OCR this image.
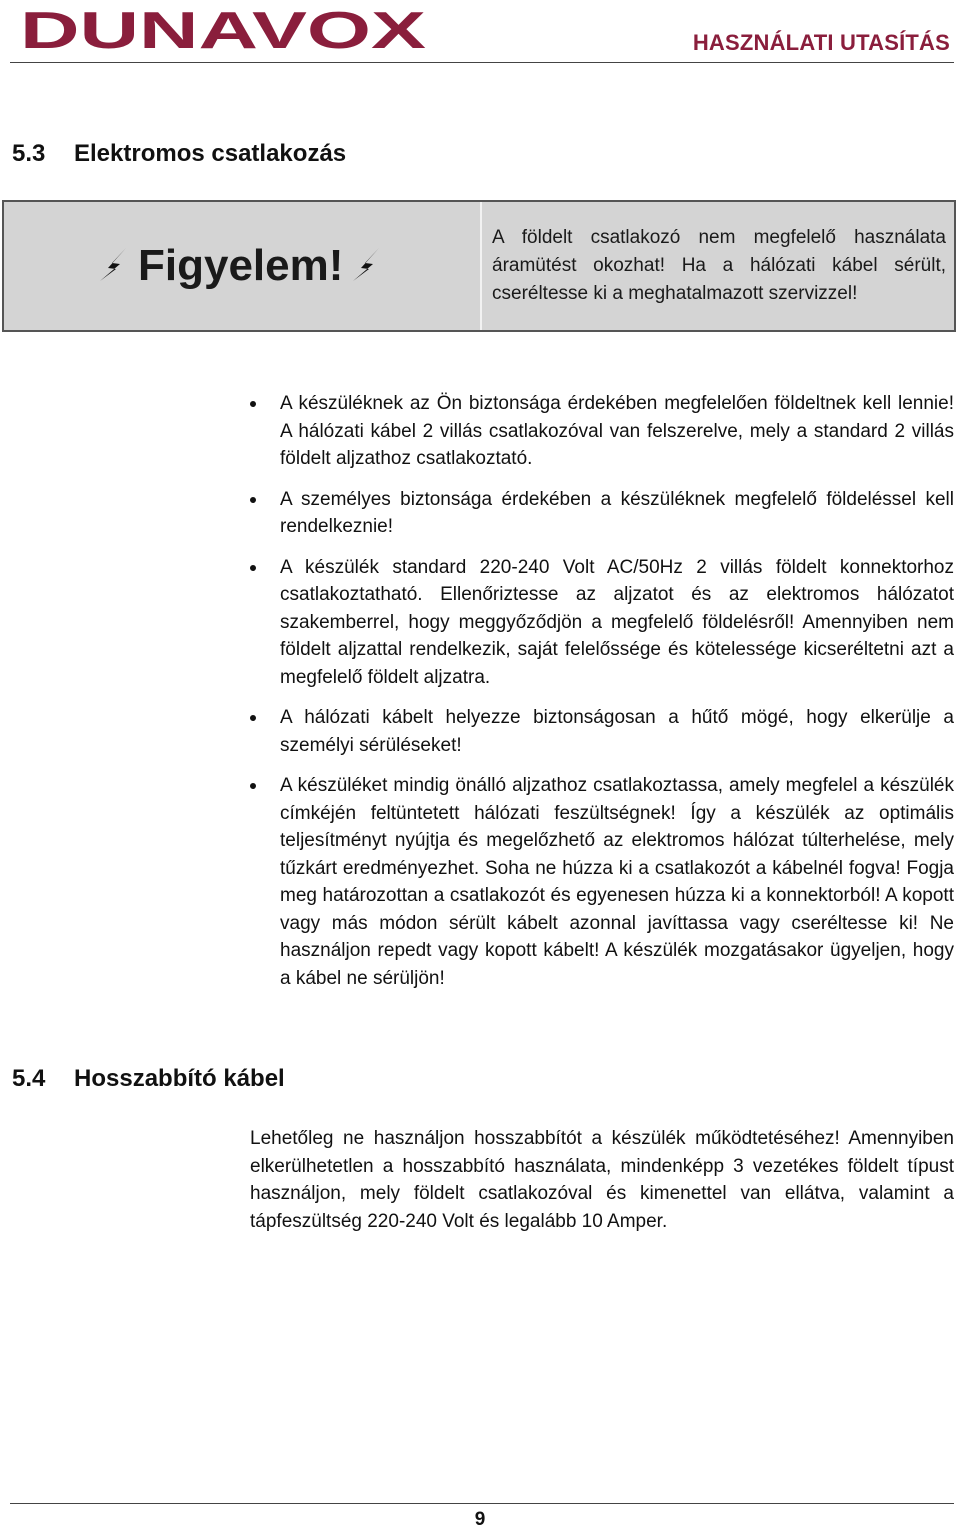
DUNAVOX	HASZNÁLATI UTASÍTÁS
5.3 Elektromos csatlakozás
Figyelem!
A földelt csatlakozó nem megfelelő használata áramütést okozhat! Ha a hálózati kábel sérült, cseréltesse ki a meghatalmazott szervizzel!
A készüléknek az Ön biztonsága érdekében megfelelően földeltnek kell lennie! A hálózati kábel 2 villás csatlakozóval van felszerelve, mely a standard 2 villás földelt aljzathoz csatlakoztató.
A személyes biztonsága érdekében a készüléknek megfelelő földeléssel kell rendelkeznie!
A készülék standard 220-240 Volt AC/50Hz 2 villás földelt konnektorhoz csatlakoztatható. Ellenőriztesse az aljzatot és az elektromos hálózatot szakemberrel, hogy meggyőződjön a megfelelő földelésről! Amennyiben nem földelt aljzattal rendelkezik, saját felelőssége és kötelessége kicseréltetni azt a megfelelő földelt aljzatra.
A hálózati kábelt helyezze biztonságosan a hűtő mögé, hogy elkerülje a személyi sérüléseket!
A készüléket mindig önálló aljzathoz csatlakoztassa, amely megfelel a készülék címkéjén feltüntetett hálózati feszültségnek! Így a készülék az optimális teljesítményt nyújtja és megelőzhető az elektromos hálózat túlterhelése, mely tűzkárt eredményezhet. Soha ne húzza ki a csatlakozót a kábelnél fogva! Fogja meg határozottan a csatlakozót és egyenesen húzza ki a konnektorból! A kopott vagy más módon sérült kábelt azonnal javíttassa vagy cseréltesse ki! Ne használjon repedt vagy kopott kábelt! A készülék mozgatásakor ügyeljen, hogy a kábel ne sérüljön!
5.4 Hosszabbító kábel

Lehetőleg ne használjon hosszabbítót a készülék működtetéséhez! Amennyiben elkerülhetetlen a hosszabbító használata, mindenképp 3 vezetékes földelt típust használjon, mely földelt csatlakozóval és kimenettel van ellátva, valamint a tápfeszültség 220-240 Volt és legalább 10 Amper.

9
